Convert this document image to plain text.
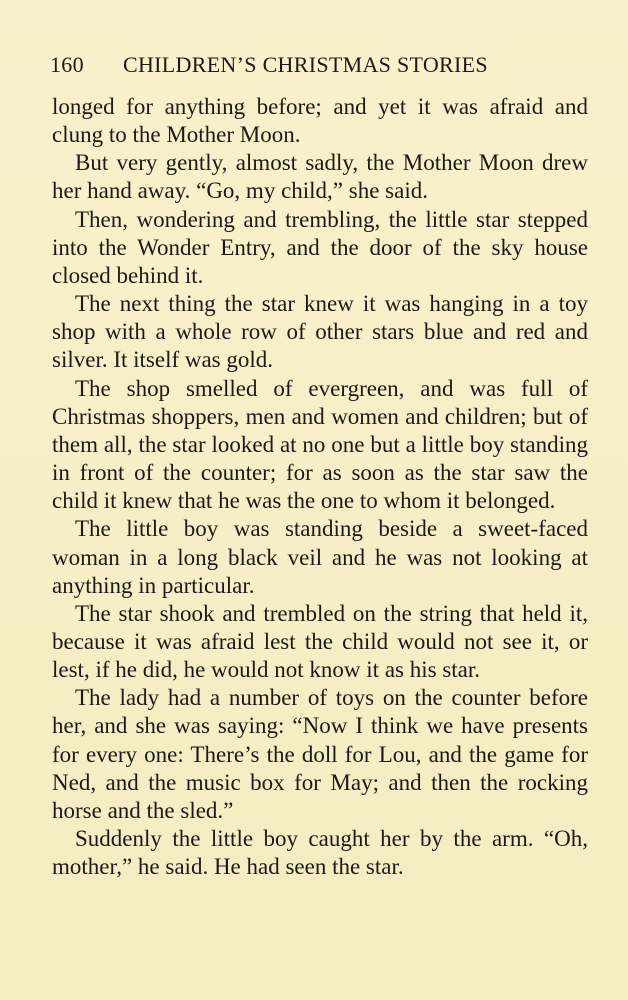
160 CHILDREN’S CHRISTMAS STORIES

longed for anything before; and yet it was afraid and clung to the Mother Moon.

But very gently, almost sadly, the Mother Moon drew her hand away. “Go, my child,” she said.

Then, wondering and trembling, the little star stepped into the Wonder Entry, and the door of the sky house closed behind it.

The next thing the star knew it was hanging in a toy shop with a whole row of other stars blue and red and silver. It itself was gold.

The shop smelled of evergreen, and was full of Christmas shoppers, men and women and children; but of them all, the star looked at no one but a little boy standing in front of the counter; for as soon as the star saw the child it knew that he was the one to whom it belonged.

The little boy was standing beside a sweet-faced woman in a long black veil and he was not looking at anything in particular.

The star shook and trembled on the string that held it, because it was afraid lest the child would not see it, or lest, if he did, he would not know it as his star.

The lady had a number of toys on the counter before her, and she was saying: “Now I think we have presents for every one: There’s the doll for Lou, and the game for Ned, and the music box for May; and then the rocking horse and the sled.”

Suddenly the little boy caught her by the arm. “Oh, mother,” he said. He had seen the star.
